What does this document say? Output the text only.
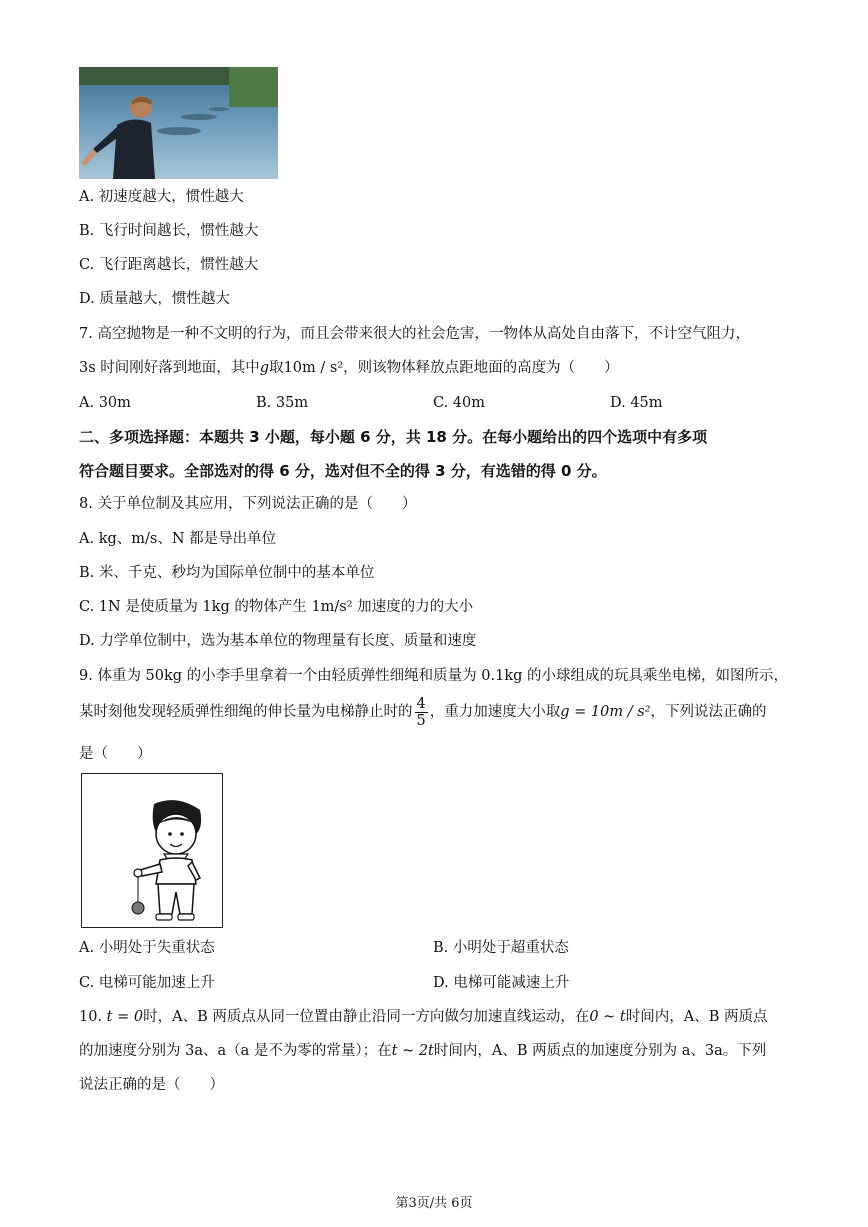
A. 初速度越大，惯性越大
B. 飞行时间越长，惯性越大
C. 飞行距离越长，惯性越大
D. 质量越大，惯性越大
7. 高空抛物是一种不文明的行为，而且会带来很大的社会危害，一物体从高处自由落下，不计空气阻力，
3s 时间刚好落到地面，其中g取10m / s²，则该物体释放点距地面的高度为（　　）
A. 30m	B. 35m	C. 40m	D. 45m
二、多项选择题：本题共 3 小题，每小题 6 分，共 18 分。在每小题给出的四个选项中有多项
符合题目要求。全部选对的得 6 分，选对但不全的得 3 分，有选错的得 0 分。
8. 关于单位制及其应用，下列说法正确的是（　　）
A. kg、m/s、N 都是导出单位
B. 米、千克、秒均为国际单位制中的基本单位
C. 1N 是使质量为 1kg 的物体产生 1m/s² 加速度的力的大小
D. 力学单位制中，选为基本单位的物理量有长度、质量和速度
9. 体重为 50kg 的小李手里拿着一个由轻质弹性细绳和质量为 0.1kg 的小球组成的玩具乘坐电梯，如图所示，
某时刻他发现轻质弹性细绳的伸长量为电梯静止时的 $\frac{4}{5}$ ，重力加速度大小取g = 10m / s²，下列说法正确的
是（　　）
A. 小明处于失重状态	B. 小明处于超重状态
C. 电梯可能加速上升	D. 电梯可能减速上升
10. t = 0时，A、B 两质点从同一位置由静止沿同一方向做匀加速直线运动，在0 ~ t时间内，A、B 两质点
的加速度分别为 3a、a（a 是不为零的常量）；在t ~ 2t时间内，A、B 两质点的加速度分别为 a、3a。下列
说法正确的是（　　）
第3页/共 6页
